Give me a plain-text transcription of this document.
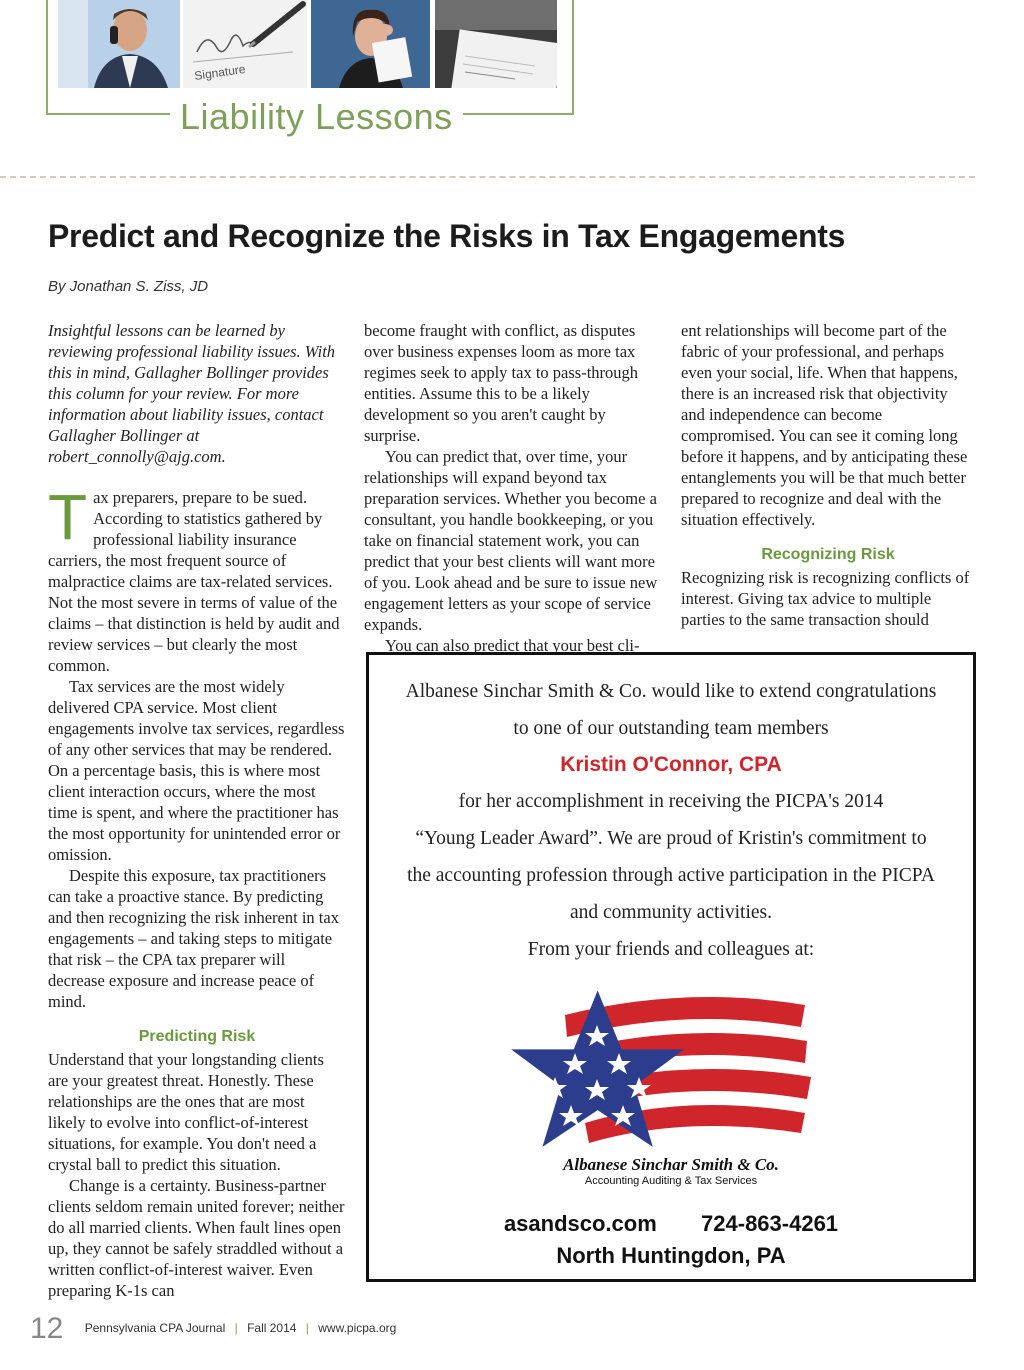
Signature
Liability Lessons
Predict and Recognize the Risks in Tax Engagements
By Jonathan S. Ziss, JD

Insightful lessons can be learned by reviewing professional liability issues. With this in mind, Gallagher Bollinger provides this column for your review. For more information about liability issues, contact Gallagher Bollinger at robert_connolly@ajg.com.

Tax preparers, prepare to be sued. According to statistics gathered by professional liability insurance carriers, the most frequent source of malpractice claims are tax-related services. Not the most severe in terms of value of the claims – that distinction is held by audit and review services – but clearly the most common.

Tax services are the most widely delivered CPA service. Most client engagements involve tax services, regardless of any other services that may be rendered. On a percentage basis, this is where most client interaction occurs, where the most time is spent, and where the practitioner has the most opportunity for unintended error or omission.

Despite this exposure, tax practitioners can take a proactive stance. By predicting and then recognizing the risk inherent in tax engagements – and taking steps to mitigate that risk – the CPA tax preparer will decrease exposure and increase peace of mind.

Predicting Risk

Understand that your longstanding clients are your greatest threat. Honestly. These relationships are the ones that are most likely to evolve into conflict-of-interest situations, for example. You don't need a crystal ball to predict this situation.

Change is a certainty. Business-partner clients seldom remain united forever; neither do all married clients. When fault lines open up, they cannot be safely straddled without a written conflict-of-interest waiver. Even preparing K-1s can

become fraught with conflict, as disputes over business expenses loom as more tax regimes seek to apply tax to pass-through entities. Assume this to be a likely development so you aren't caught by surprise.

You can predict that, over time, your relationships will expand beyond tax preparation services. Whether you become a consultant, you handle bookkeeping, or you take on financial statement work, you can predict that your best clients will want more of you. Look ahead and be sure to issue new engagement letters as your scope of service expands.

You can also predict that your best cli-

ent relationships will become part of the fabric of your professional, and perhaps even your social, life. When that happens, there is an increased risk that objectivity and independence can become compromised. You can see it coming long before it happens, and by anticipating these entanglements you will be that much better prepared to recognize and deal with the situation effectively.

Recognizing Risk

Recognizing risk is recognizing conflicts of interest. Giving tax advice to multiple parties to the same transaction should

Albanese Sinchar Smith & Co. would like to extend congratulations
to one of our outstanding team members
Kristin O'Connor, CPA
for her accomplishment in receiving the PICPA's 2014
“Young Leader Award”. We are proud of Kristin's commitment to
the accounting profession through active participation in the PICPA
and community activities.
From your friends and colleagues at:
Albanese Sinchar Smith & Co.
Accounting Auditing & Tax Services
asandsco.com 724-863-4261
North Huntingdon, PA
12 Pennsylvania CPA Journal | Fall 2014 | www.picpa.org
